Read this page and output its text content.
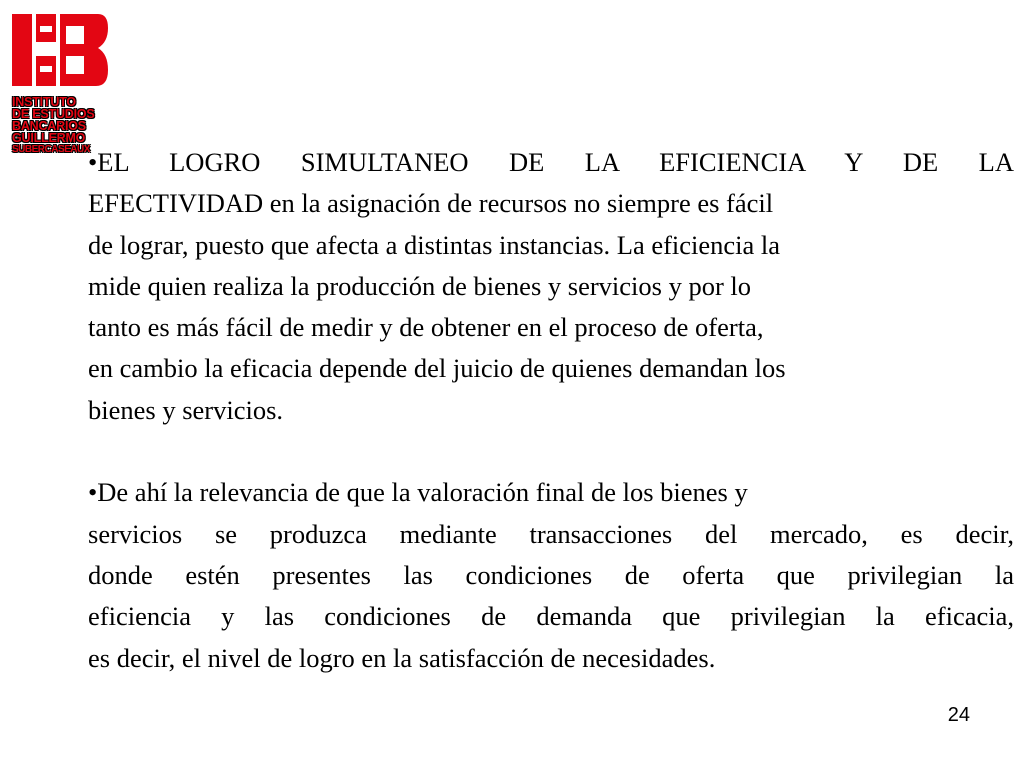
INSTITUTO
DE ESTUDIOS
BANCARIOS
GUILLERMO
SUBERCASEAUX
•EL LOGRO SIMULTANEO DE LA EFICIENCIA Y DE LA
EFECTIVIDAD en la asignación de recursos no siempre es fácil
de lograr, puesto que afecta a distintas instancias. La eficiencia la
mide quien realiza la producción de bienes y servicios y por lo
tanto es más fácil de medir y de obtener en el proceso de oferta,
en cambio la eficacia depende del juicio de quienes demandan los
bienes y servicios.
•De ahí la relevancia de que la valoración final de los bienes y
servicios se produzca mediante transacciones del mercado, es decir,
donde estén presentes las condiciones de oferta que privilegian la
eficiencia y las condiciones de demanda que privilegian la eficacia,
es decir, el nivel de logro en la satisfacción de necesidades.
24
